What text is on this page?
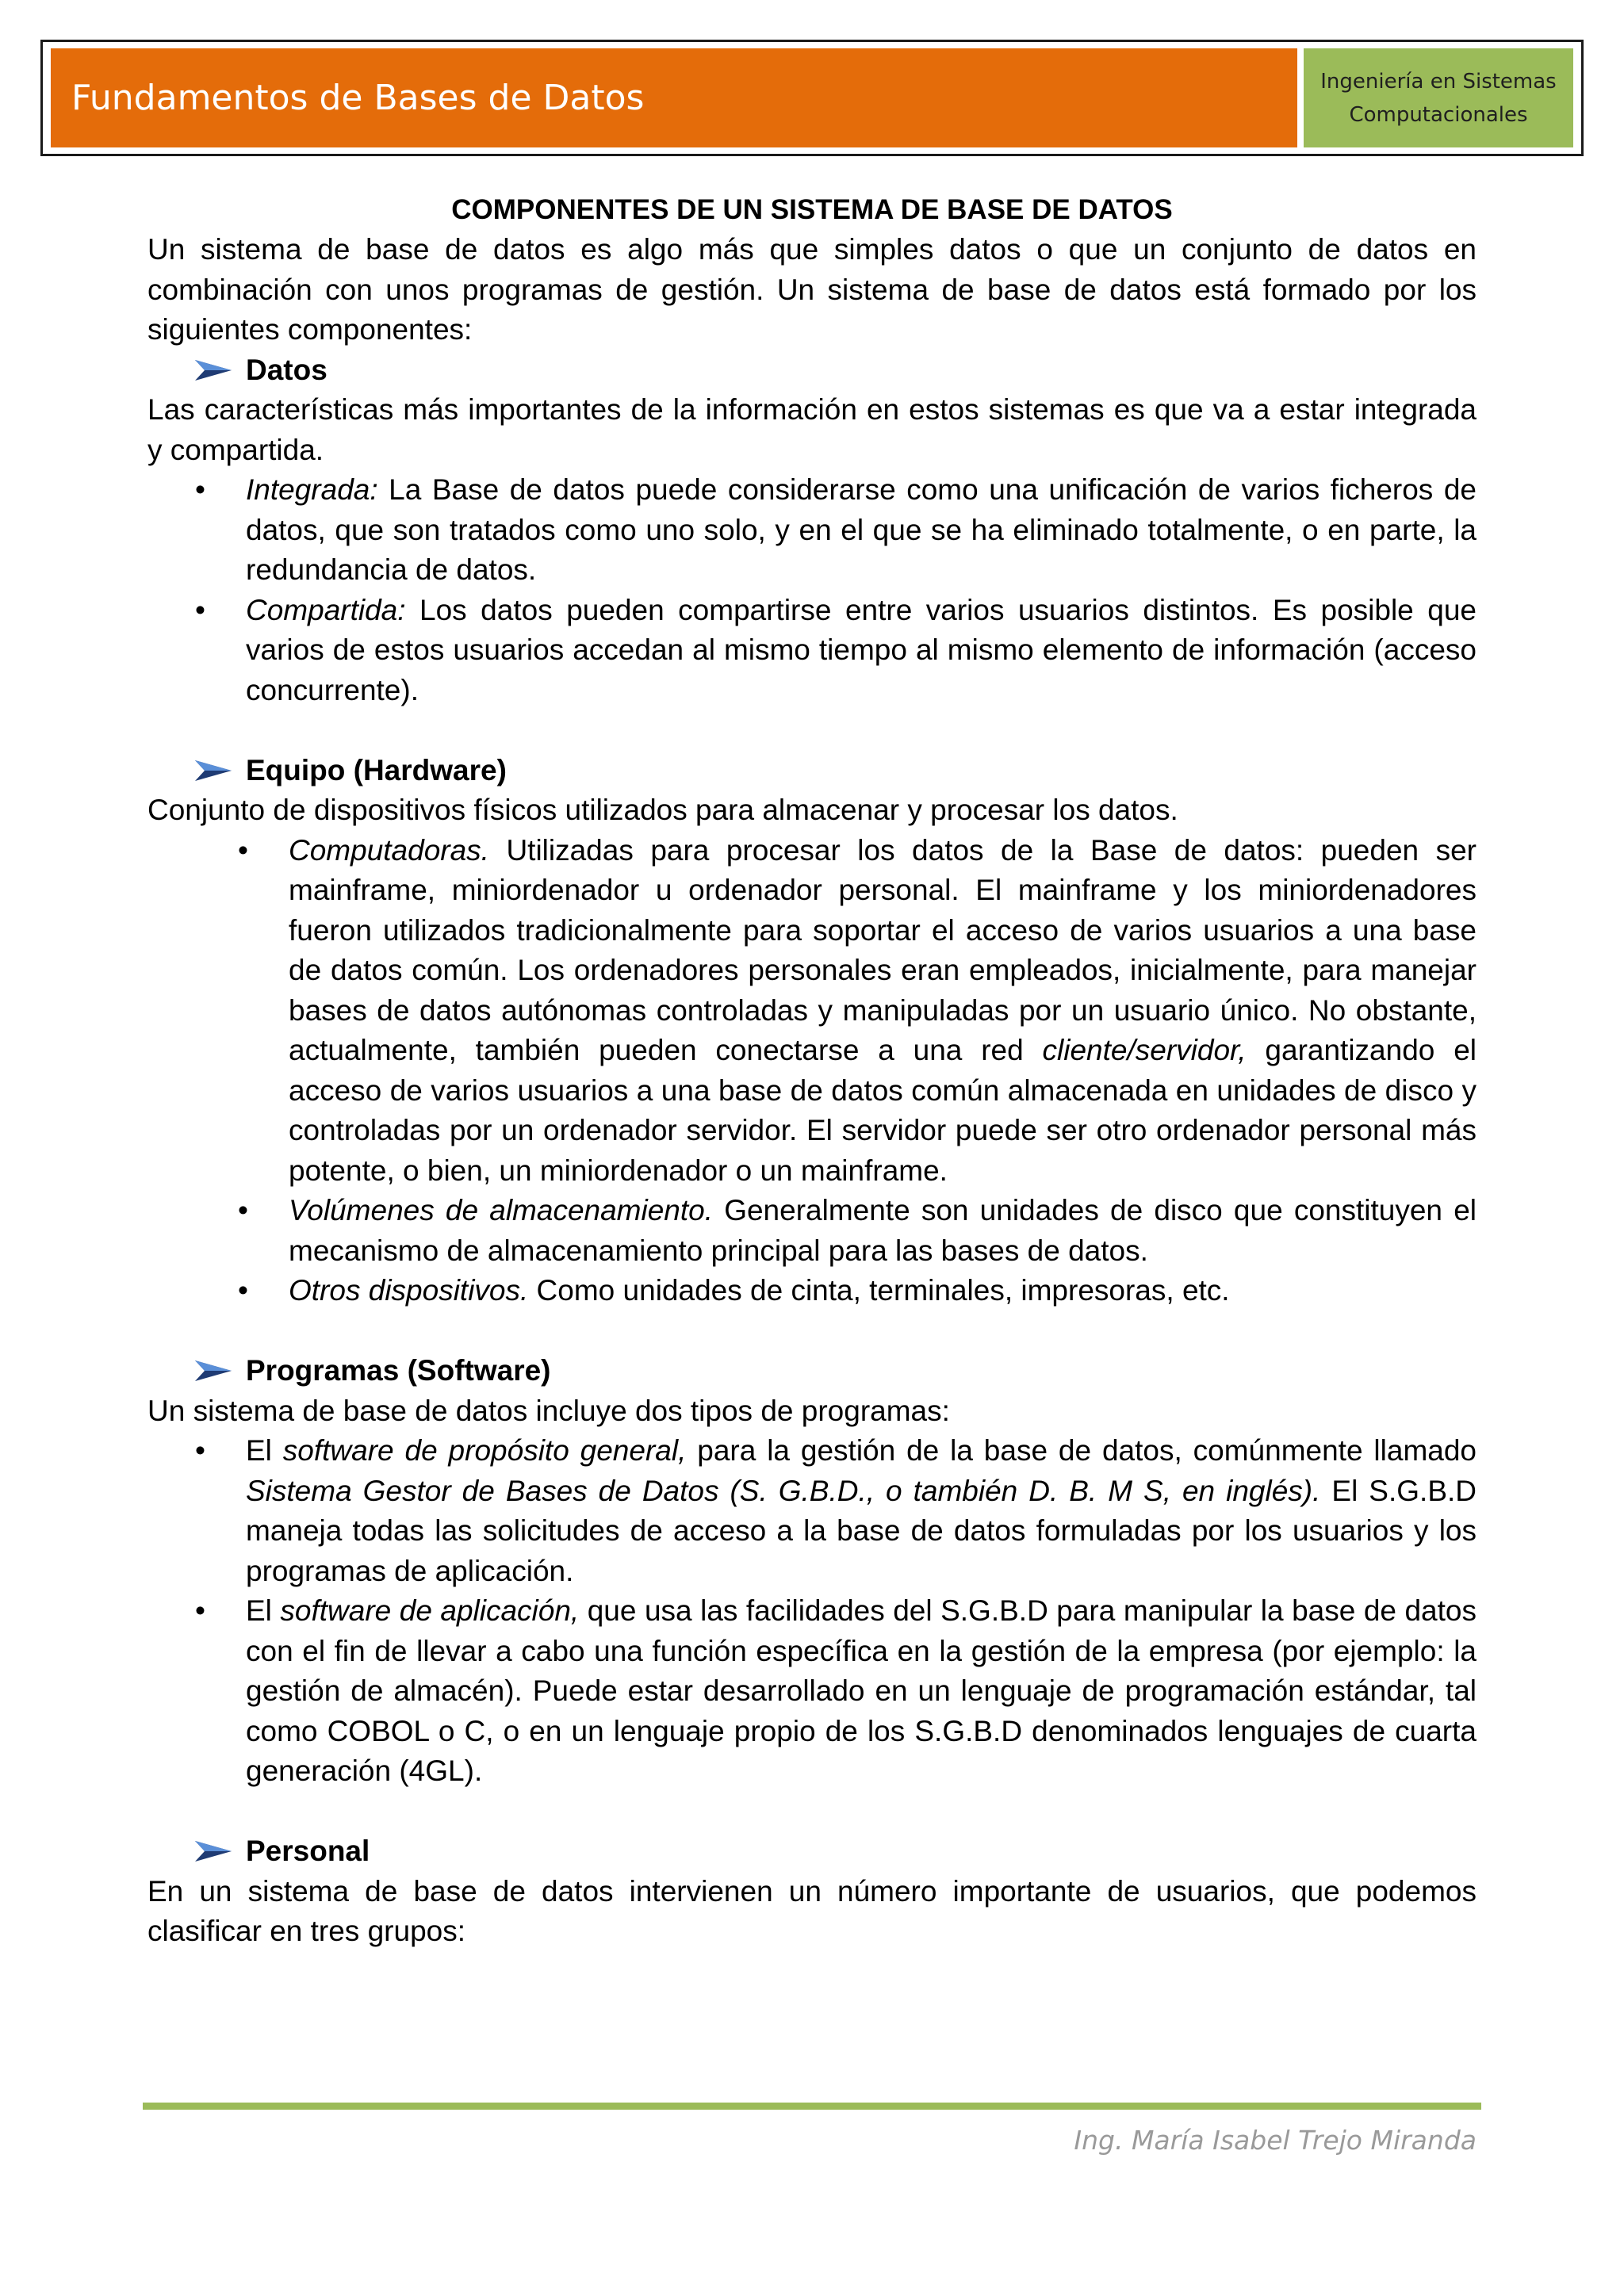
Fundamentos de Bases de Datos	Ingeniería en Sistemas
Computacionales
COMPONENTES DE UN SISTEMA DE BASE DE DATOS

Un sistema de base de datos es algo más que simples datos o que un conjunto de datos en combinación con unos programas de gestión. Un sistema de base de datos está formado por los siguientes componentes:

Datos

Las características más importantes de la información en estos sistemas es que va a estar integrada y compartida.

• Integrada: La Base de datos puede considerarse como una unificación de varios ficheros de datos, que son tratados como uno solo, y en el que se ha eliminado totalmente, o en parte, la redundancia de datos.
• Compartida: Los datos pueden compartirse entre varios usuarios distintos. Es posible que varios de estos usuarios accedan al mismo tiempo al mismo elemento de información (acceso concurrente).
Equipo (Hardware)

Conjunto de dispositivos físicos utilizados para almacenar y procesar los datos.

• Computadoras. Utilizadas para procesar los datos de la Base de datos: pueden ser mainframe, miniordenador u ordenador personal. El mainframe y los miniordenadores fueron utilizados tradicionalmente para soportar el acceso de varios usuarios a una base de datos común. Los ordenadores personales eran empleados, inicialmente, para manejar bases de datos autónomas controladas y manipuladas por un usuario único. No obstante, actualmente, también pueden conectarse a una red cliente/servidor, garantizando el acceso de varios usuarios a una base de datos común almacenada en unidades de disco y controladas por un ordenador servidor. El servidor puede ser otro ordenador personal más potente, o bien, un miniordenador o un mainframe.
• Volúmenes de almacenamiento. Generalmente son unidades de disco que constituyen el mecanismo de almacenamiento principal para las bases de datos.
• Otros dispositivos. Como unidades de cinta, terminales, impresoras, etc.
Programas (Software)

Un sistema de base de datos incluye dos tipos de programas:

• El software de propósito general, para la gestión de la base de datos, comúnmente llamado Sistema Gestor de Bases de Datos (S. G.B.D., o también D. B. M S, en inglés). El S.G.B.D maneja todas las solicitudes de acceso a la base de datos formuladas por los usuarios y los programas de aplicación.
• El software de aplicación, que usa las facilidades del S.G.B.D para manipular la base de datos con el fin de llevar a cabo una función específica en la gestión de la empresa (por ejemplo: la gestión de almacén). Puede estar desarrollado en un lenguaje de programación estándar, tal como COBOL o C, o en un lenguaje propio de los S.G.B.D denominados lenguajes de cuarta generación (4GL).
Personal

En un sistema de base de datos intervienen un número importante de usuarios, que podemos clasificar en tres grupos:

Ing. María Isabel Trejo Miranda
